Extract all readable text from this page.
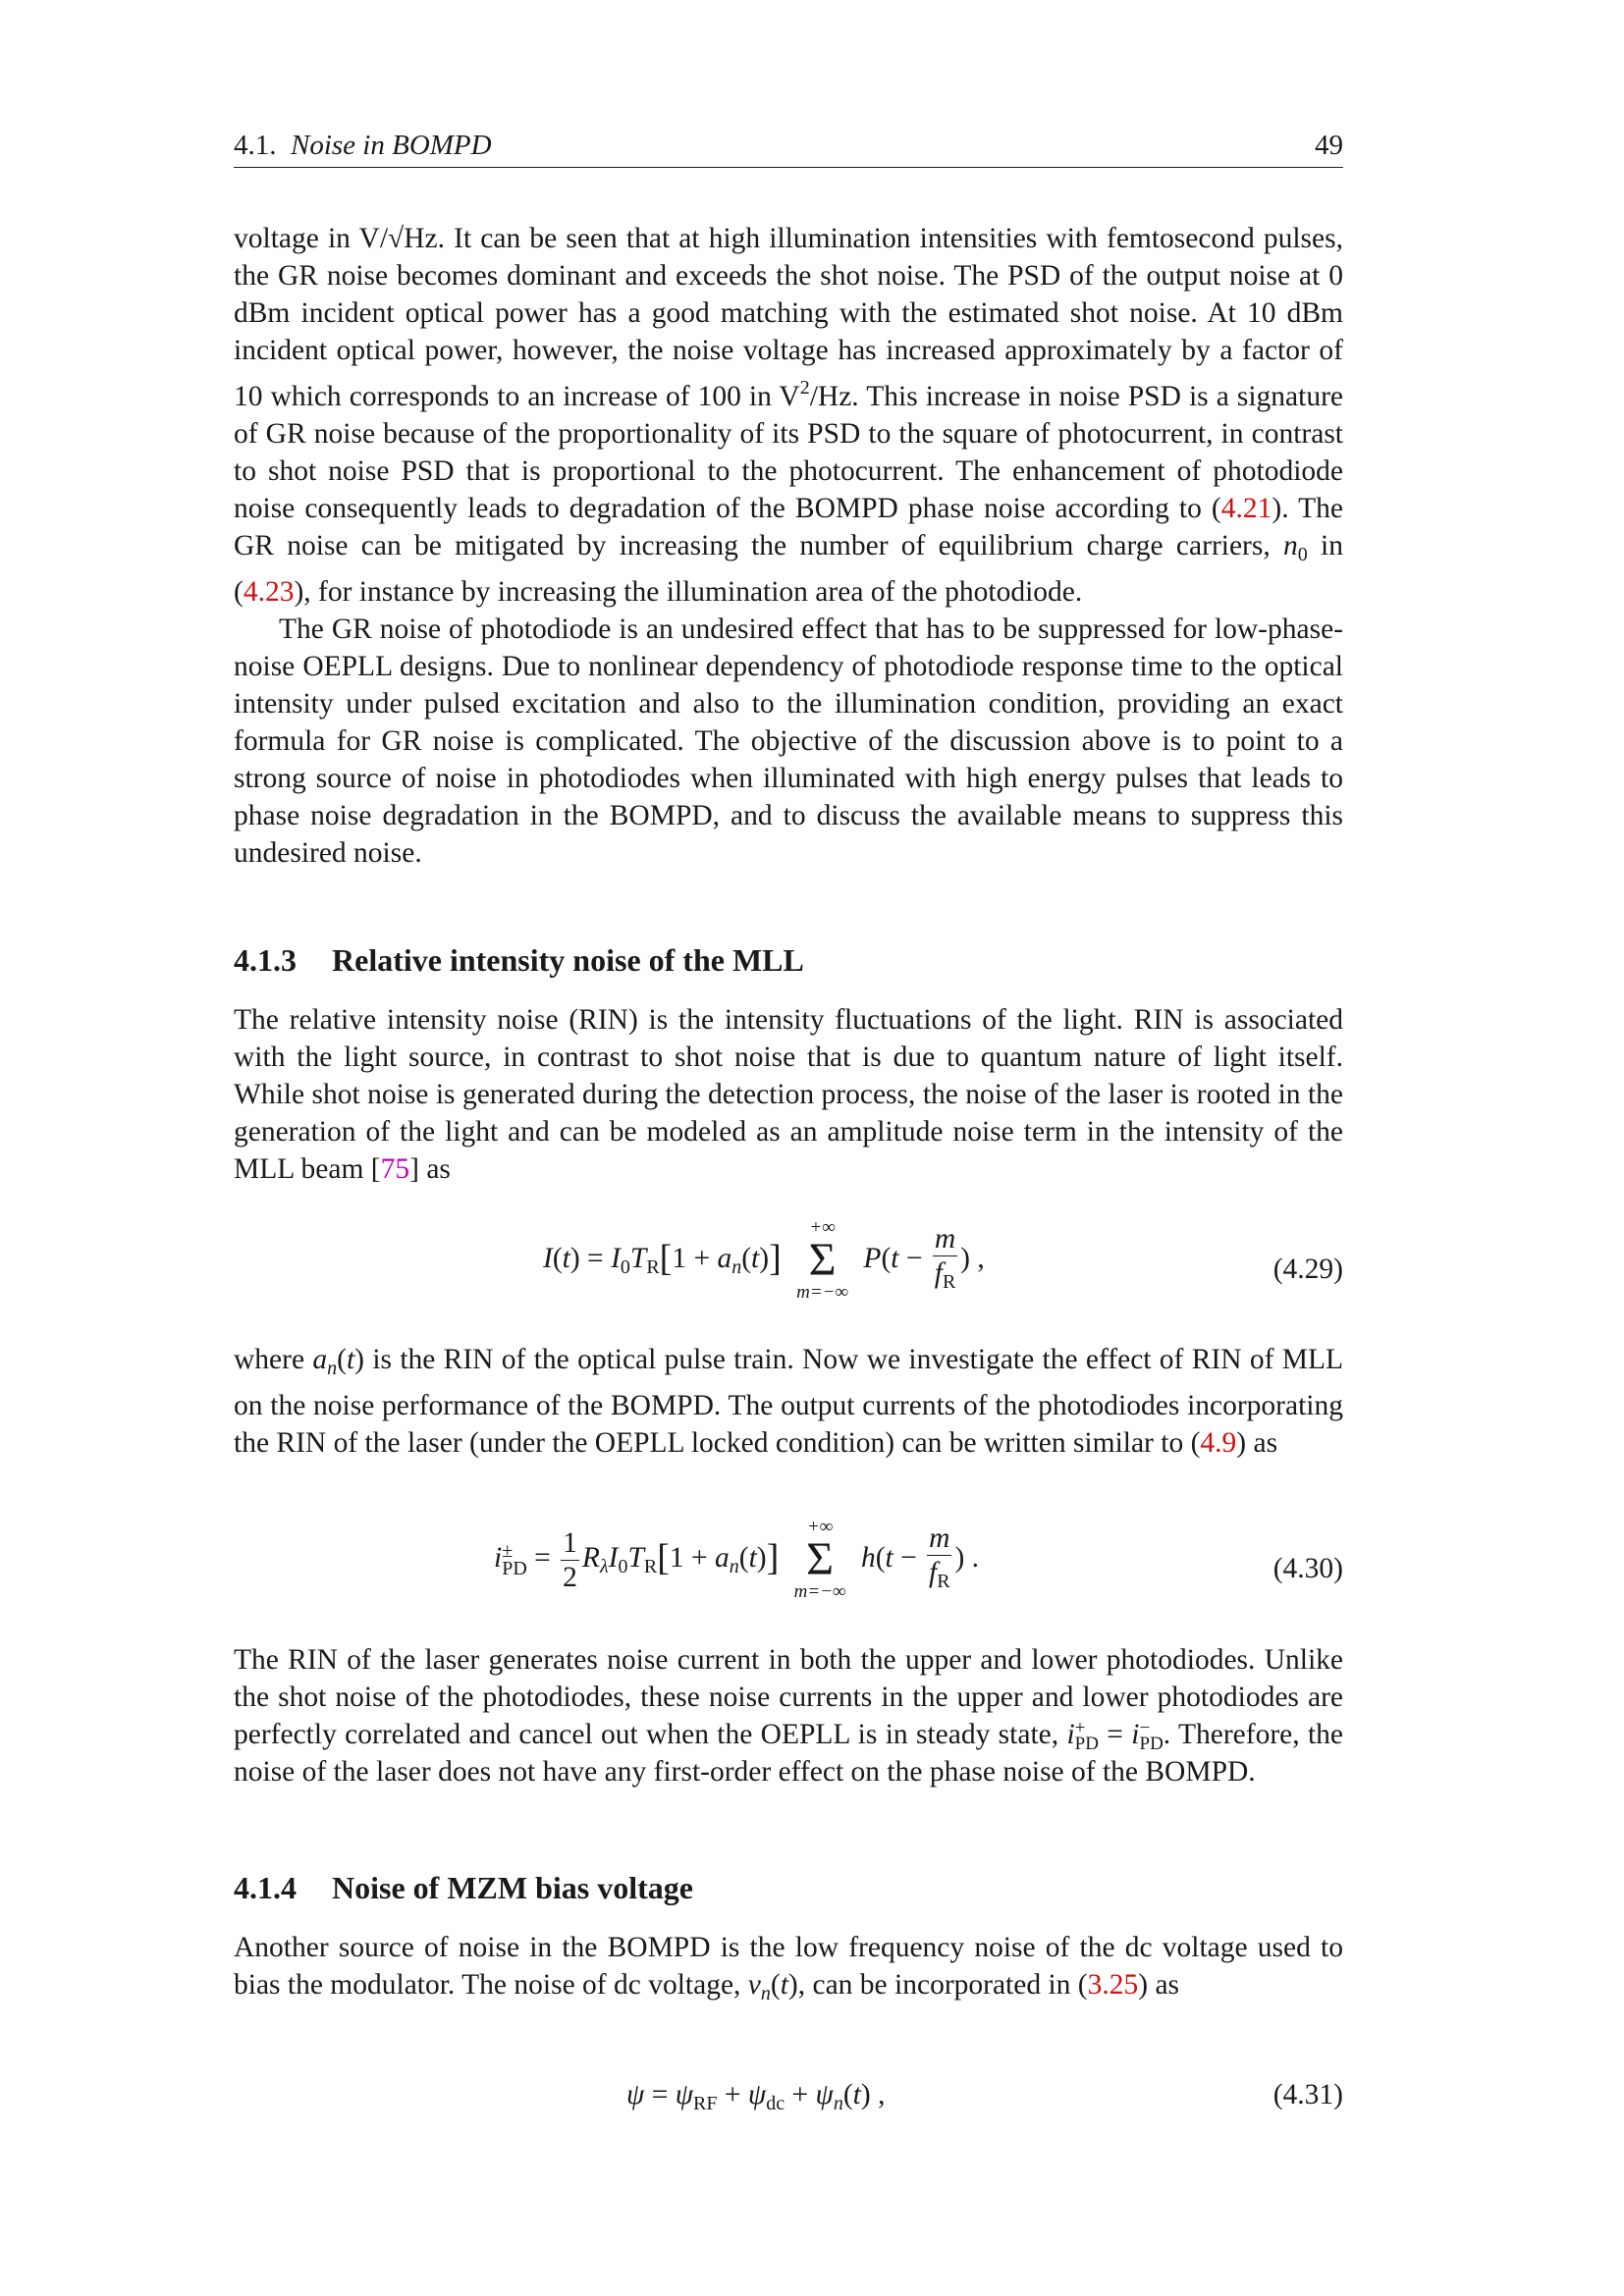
4.1. Noise in BOMPD	49

voltage in V/√Hz. It can be seen that at high illumination intensities with femtosecond pulses, the GR noise becomes dominant and exceeds the shot noise. The PSD of the output noise at 0 dBm incident optical power has a good matching with the estimated shot noise. At 10 dBm incident optical power, however, the noise voltage has increased approximately by a factor of 10 which corresponds to an increase of 100 in $V^2/Hz$. This increase in noise PSD is a signature of GR noise because of the proportionality of its PSD to the square of photocurrent, in contrast to shot noise PSD that is proportional to the photocurrent. The enhancement of photodiode noise consequently leads to degradation of the BOMPD phase noise according to (4.21). The GR noise can be mitigated by increasing the number of equilibrium charge carriers, $n_0$ in (4.23), for instance by increasing the illumination area of the photodiode.

The GR noise of photodiode is an undesired effect that has to be suppressed for low-phase-noise OEPLL designs. Due to nonlinear dependency of photodiode response time to the optical intensity under pulsed excitation and also to the illumination condition, providing an exact formula for GR noise is complicated. The objective of the discussion above is to point to a strong source of noise in photodiodes when illuminated with high energy pulses that leads to phase noise degradation in the BOMPD, and to discuss the available means to suppress this undesired noise.

4.1.3 Relative intensity noise of the MLL

The relative intensity noise (RIN) is the intensity fluctuations of the light. RIN is associated with the light source, in contrast to shot noise that is due to quantum nature of light itself. While shot noise is generated during the detection process, the noise of the laser is rooted in the generation of the light and can be modeled as an amplitude noise term in the intensity of the MLL beam [75] as

$I(t) = I_0T_R[1 + a_n(t)]$
+∞
Σ
m=−∞
$P(t - \frac{m}{f_R}$ ) ,	(4.29)

where $a_n(t)$ is the RIN of the optical pulse train. Now we investigate the effect of RIN of MLL on the noise performance of the BOMPD. The output currents of the photodiodes incorporating the RIN of the laser (under the OEPLL locked condition) can be written similar to (4.9) as

i ±
PD = $\frac{1}{2} R_\lambda I_0T_R[1 + a_n(t)]$
+∞
Σ
m=−∞
$h(t - \frac{m}{f_R}$ ) .	(4.30)

The RIN of the laser generates noise current in both the upper and lower photodiodes. Unlike the shot noise of the photodiodes, these noise currents in the upper and lower photodiodes are perfectly correlated and cancel out when the OEPLL is in steady state, i +
PD = i −
PD . Therefore, the noise of the laser does not have any first-order effect on the phase noise of the BOMPD.

4.1.4 Noise of MZM bias voltage

Another source of noise in the BOMPD is the low frequency noise of the dc voltage used to bias the modulator. The noise of dc voltage, $v_n(t)$, can be incorporated in (3.25) as

$\psi = \psi_{RF} + \psi_{dc} + \psi_n(t)$ ,	(4.31)
